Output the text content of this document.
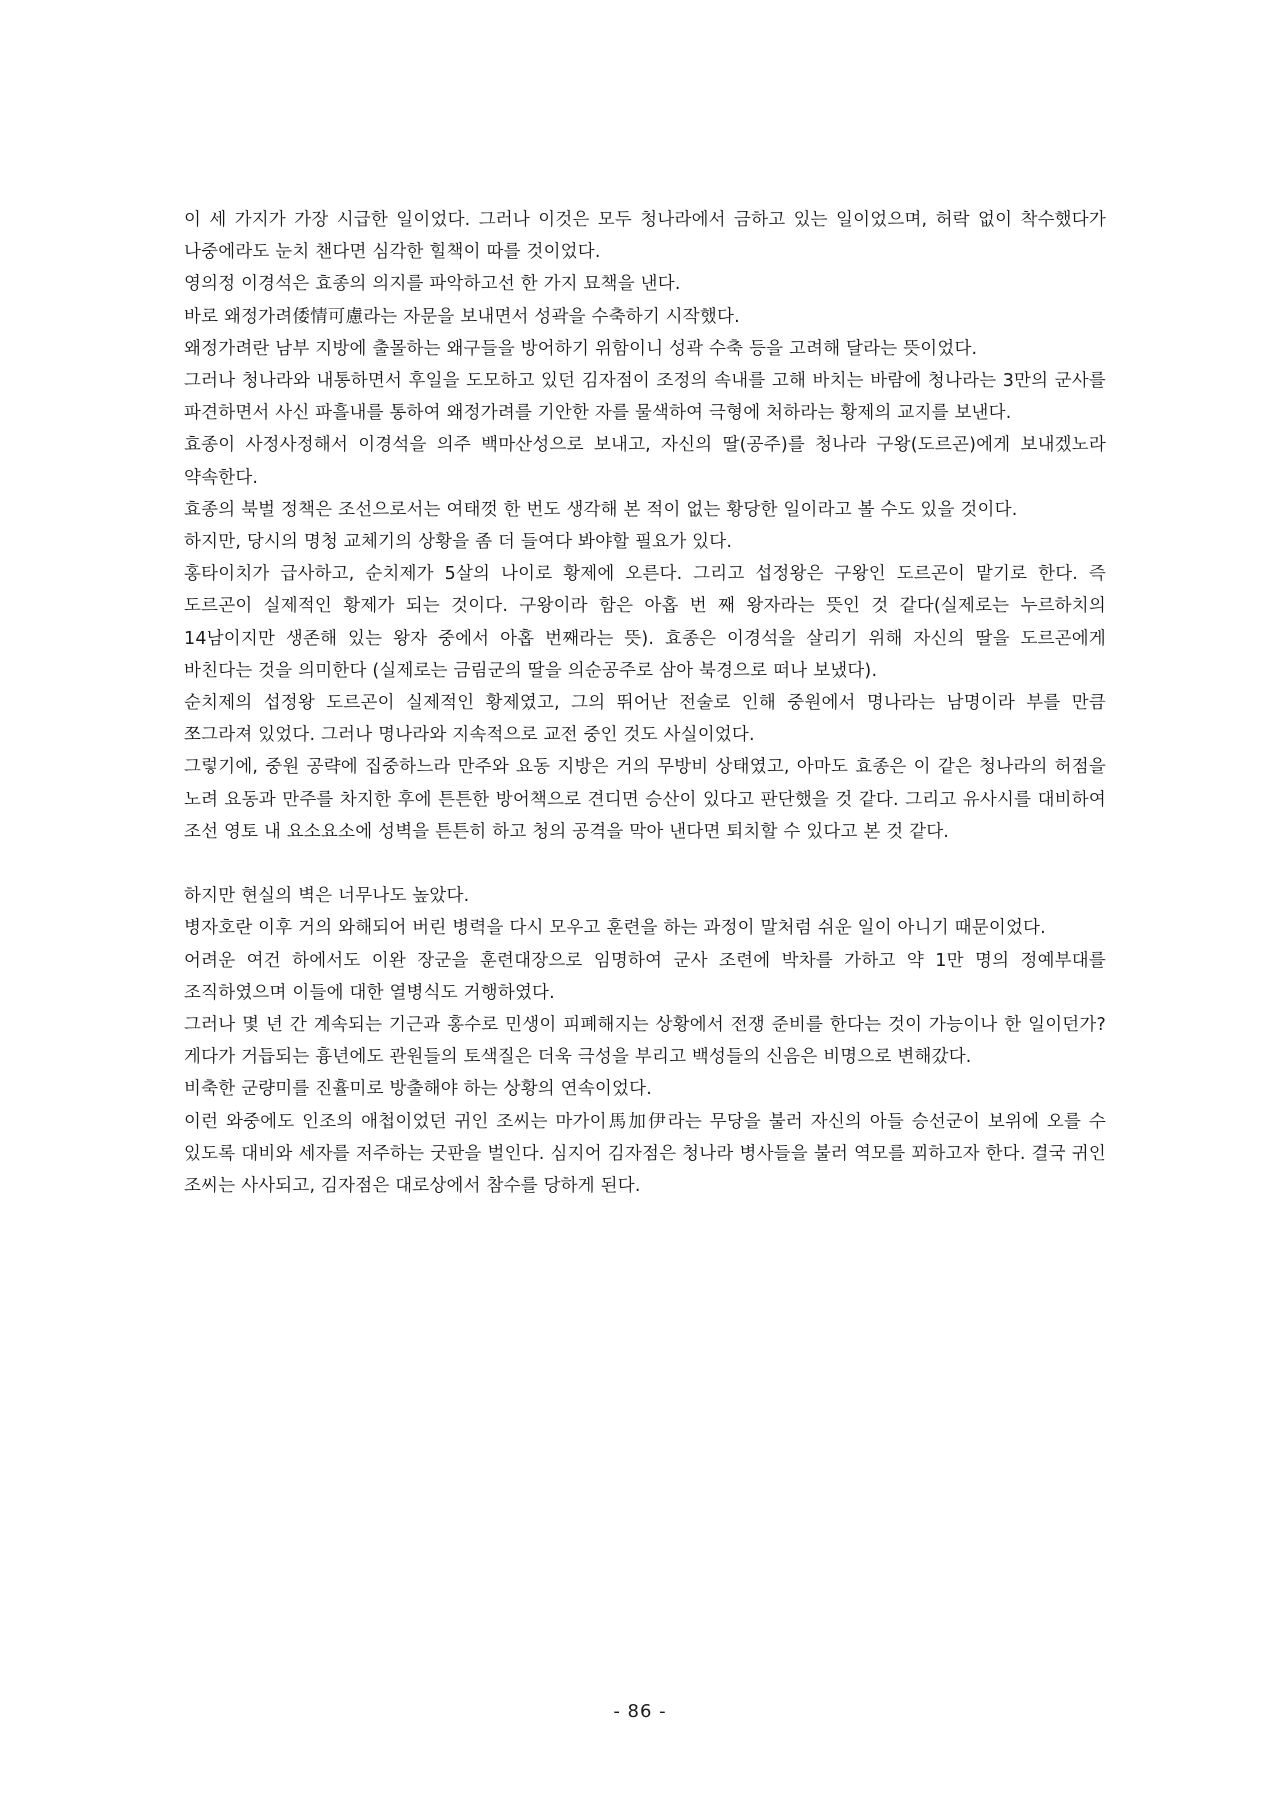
이 세 가지가 가장 시급한 일이었다. 그러나 이것은 모두 청나라에서 금하고 있는 일이었으며, 허락 없이 착수했다가 나중에라도 눈치 챈다면 심각한 힐책이 따를 것이었다.

영의정 이경석은 효종의 의지를 파악하고선 한 가지 묘책을 낸다.

바로 왜정가려倭情可慮라는 자문을 보내면서 성곽을 수축하기 시작했다.

왜정가려란 남부 지방에 출몰하는 왜구들을 방어하기 위함이니 성곽 수축 등을 고려해 달라는 뜻이었다.

그러나 청나라와 내통하면서 후일을 도모하고 있던 김자점이 조정의 속내를 고해 바치는 바람에 청나라는 3만의 군사를 파견하면서 사신 파흘내를 통하여 왜정가려를 기안한 자를 물색하여 극형에 처하라는 황제의 교지를 보낸다.

효종이 사정사정해서 이경석을 의주 백마산성으로 보내고, 자신의 딸(공주)를 청나라 구왕(도르곤)에게 보내겠노라 약속한다.

효종의 북벌 정책은 조선으로서는 여태껏 한 번도 생각해 본 적이 없는 황당한 일이라고 볼 수도 있을 것이다.

하지만, 당시의 명청 교체기의 상황을 좀 더 들여다 봐야할 필요가 있다.

홍타이치가 급사하고, 순치제가 5살의 나이로 황제에 오른다. 그리고 섭정왕은 구왕인 도르곤이 맡기로 한다. 즉 도르곤이 실제적인 황제가 되는 것이다. 구왕이라 함은 아홉 번 째 왕자라는 뜻인 것 같다(실제로는 누르하치의 14남이지만 생존해 있는 왕자 중에서 아홉 번째라는 뜻). 효종은 이경석을 살리기 위해 자신의 딸을 도르곤에게 바친다는 것을 의미한다 (실제로는 금림군의 딸을 의순공주로 삼아 북경으로 떠나 보냈다).

순치제의 섭정왕 도르곤이 실제적인 황제였고, 그의 뛰어난 전술로 인해 중원에서 명나라는 남명이라 부를 만큼 쪼그라져 있었다. 그러나 명나라와 지속적으로 교전 중인 것도 사실이었다.

그렇기에, 중원 공략에 집중하느라 만주와 요동 지방은 거의 무방비 상태였고, 아마도 효종은 이 같은 청나라의 허점을 노려 요동과 만주를 차지한 후에 튼튼한 방어책으로 견디면 승산이 있다고 판단했을 것 같다. 그리고 유사시를 대비하여 조선 영토 내 요소요소에 성벽을 튼튼히 하고 청의 공격을 막아 낸다면 퇴치할 수 있다고 본 것 같다.

하지만 현실의 벽은 너무나도 높았다.

병자호란 이후 거의 와해되어 버린 병력을 다시 모우고 훈련을 하는 과정이 말처럼 쉬운 일이 아니기 때문이었다.

어려운 여건 하에서도 이완 장군을 훈련대장으로 임명하여 군사 조련에 박차를 가하고 약 1만 명의 정예부대를 조직하였으며 이들에 대한 열병식도 거행하였다.

그러나 몇 년 간 계속되는 기근과 홍수로 민생이 피폐해지는 상황에서 전쟁 준비를 한다는 것이 가능이나 한 일이던가? 게다가 거듭되는 흉년에도 관원들의 토색질은 더욱 극성을 부리고 백성들의 신음은 비명으로 변해갔다.

비축한 군량미를 진휼미로 방출해야 하는 상황의 연속이었다.

이런 와중에도 인조의 애첩이었던 귀인 조씨는 마가이馬加伊라는 무당을 불러 자신의 아들 승선군이 보위에 오를 수 있도록 대비와 세자를 저주하는 굿판을 벌인다. 심지어 김자점은 청나라 병사들을 불러 역모를 꾀하고자 한다. 결국 귀인 조씨는 사사되고, 김자점은 대로상에서 참수를 당하게 된다.

- 86 -
